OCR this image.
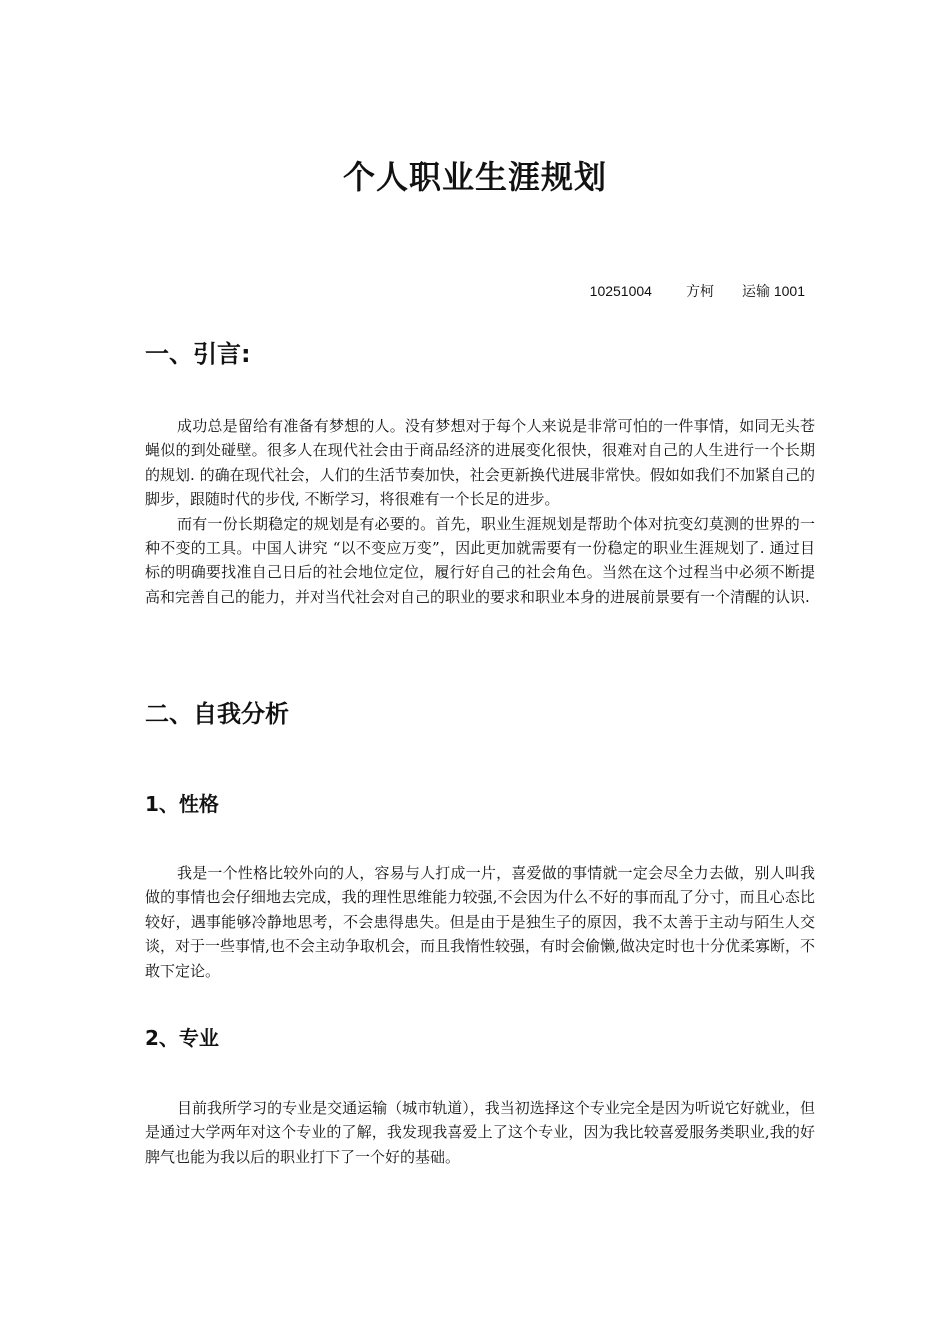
个人职业生涯规划
10251004 方柯 运输 1001
一、引言:

成功总是留给有准备有梦想的人。没有梦想对于每个人来说是非常可怕的一件事情，如同无头苍蝇似的到处碰壁。很多人在现代社会由于商品经济的进展变化很快，很难对自己的人生进行一个长期的规划. 的确在现代社会，人们的生活节奏加快，社会更新换代进展非常快。假如如我们不加紧自己的脚步，跟随时代的步伐, 不断学习，将很难有一个长足的进步。

而有一份长期稳定的规划是有必要的。首先，职业生涯规划是帮助个体对抗变幻莫测的世界的一种不变的工具。中国人讲究 “以不变应万变”，因此更加就需要有一份稳定的职业生涯规划了. 通过目标的明确要找准自己日后的社会地位定位，履行好自己的社会角色。当然在这个过程当中必须不断提高和完善自己的能力，并对当代社会对自己的职业的要求和职业本身的进展前景要有一个清醒的认识.

二、自我分析
1、性格

我是一个性格比较外向的人，容易与人打成一片，喜爱做的事情就一定会尽全力去做，别人叫我做的事情也会仔细地去完成，我的理性思维能力较强,不会因为什么不好的事而乱了分寸，而且心态比较好，遇事能够冷静地思考，不会患得患失。但是由于是独生子的原因，我不太善于主动与陌生人交谈，对于一些事情,也不会主动争取机会，而且我惰性较强，有时会偷懒,做决定时也十分优柔寡断，不敢下定论。

2、专业

目前我所学习的专业是交通运输（城市轨道），我当初选择这个专业完全是因为听说它好就业，但是通过大学两年对这个专业的了解，我发现我喜爱上了这个专业，因为我比较喜爱服务类职业,我的好脾气也能为我以后的职业打下了一个好的基础。
